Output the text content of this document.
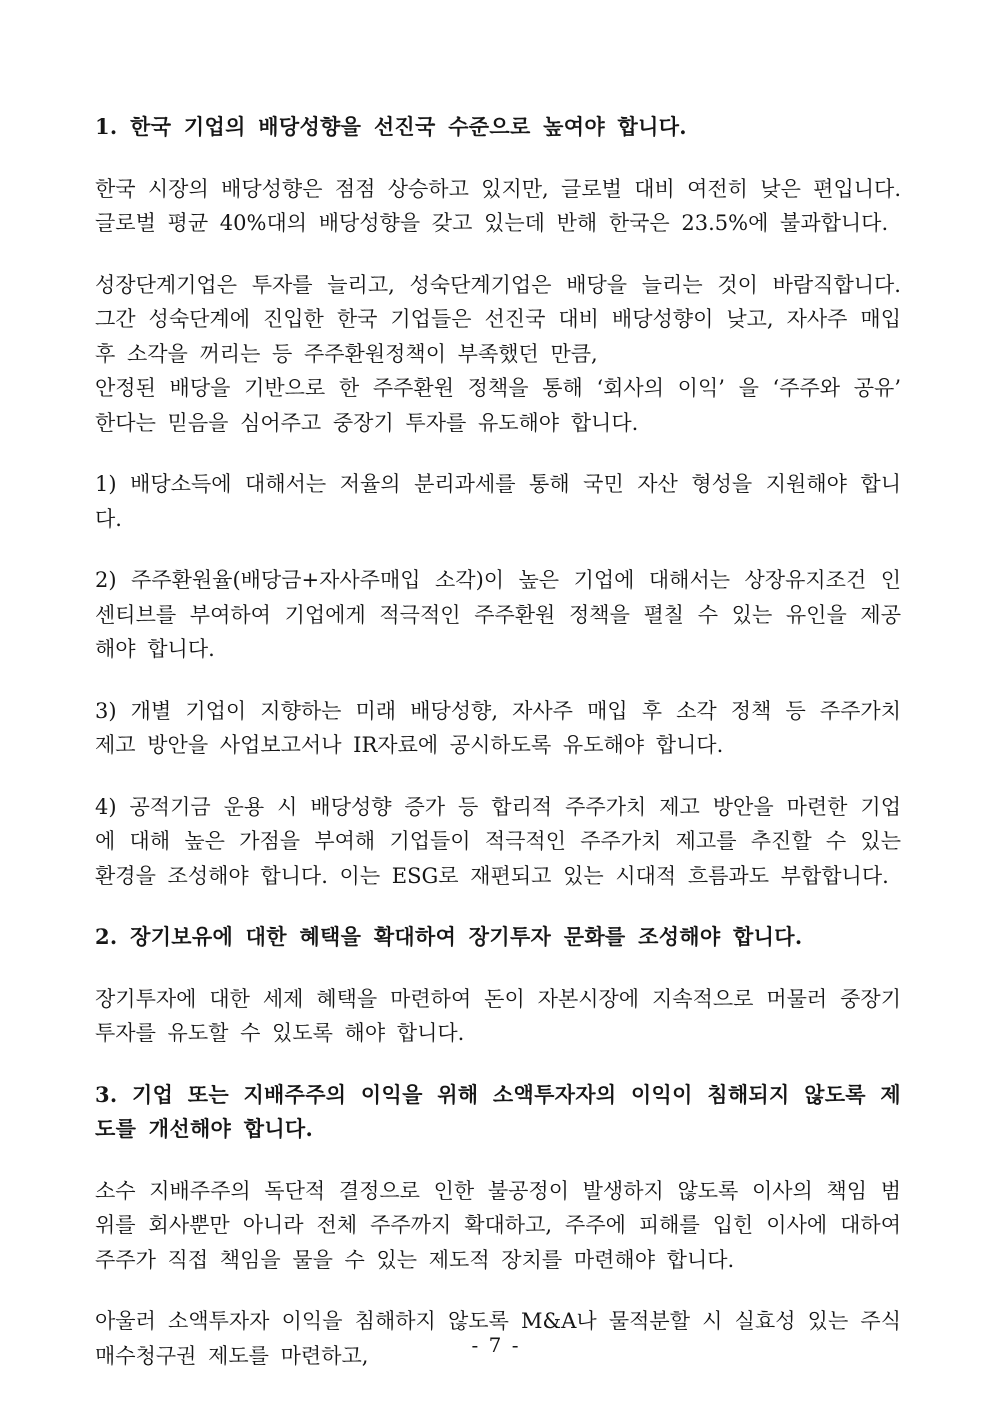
1. 한국 기업의 배당성향을 선진국 수준으로 높여야 합니다.

한국 시장의 배당성향은 점점 상승하고 있지만, 글로벌 대비 여전히 낮은 편입니다. 글로벌 평균 40%대의 배당성향을 갖고 있는데 반해 한국은 23.5%에 불과합니다.

성장단계기업은 투자를 늘리고, 성숙단계기업은 배당을 늘리는 것이 바람직합니다. 그간 성숙단계에 진입한 한국 기업들은 선진국 대비 배당성향이 낮고, 자사주 매입 후 소각을 꺼리는 등 주주환원정책이 부족했던 만큼,

안정된 배당을 기반으로 한 주주환원 정책을 통해 ‘회사의 이익’ 을 ‘주주와 공유’ 한다는 믿음을 심어주고 중장기 투자를 유도해야 합니다.

1) 배당소득에 대해서는 저율의 분리과세를 통해 국민 자산 형성을 지원해야 합니다.

2) 주주환원율(배당금+자사주매입 소각)이 높은 기업에 대해서는 상장유지조건 인센티브를 부여하여 기업에게 적극적인 주주환원 정책을 펼칠 수 있는 유인을 제공해야 합니다.

3) 개별 기업이 지향하는 미래 배당성향, 자사주 매입 후 소각 정책 등 주주가치 제고 방안을 사업보고서나 IR자료에 공시하도록 유도해야 합니다.

4) 공적기금 운용 시 배당성향 증가 등 합리적 주주가치 제고 방안을 마련한 기업에 대해 높은 가점을 부여해 기업들이 적극적인 주주가치 제고를 추진할 수 있는 환경을 조성해야 합니다. 이는 ESG로 재편되고 있는 시대적 흐름과도 부합합니다.

2. 장기보유에 대한 혜택을 확대하여 장기투자 문화를 조성해야 합니다.

장기투자에 대한 세제 혜택을 마련하여 돈이 자본시장에 지속적으로 머물러 중장기 투자를 유도할 수 있도록 해야 합니다.

3. 기업 또는 지배주주의 이익을 위해 소액투자자의 이익이 침해되지 않도록 제도를 개선해야 합니다.

소수 지배주주의 독단적 결정으로 인한 불공정이 발생하지 않도록 이사의 책임 범위를 회사뿐만 아니라 전체 주주까지 확대하고, 주주에 피해를 입힌 이사에 대하여 주주가 직접 책임을 물을 수 있는 제도적 장치를 마련해야 합니다.

아울러 소액투자자 이익을 침해하지 않도록 M&A나 물적분할 시 실효성 있는 주식매수청구권 제도를 마련하고,	- 7 -
